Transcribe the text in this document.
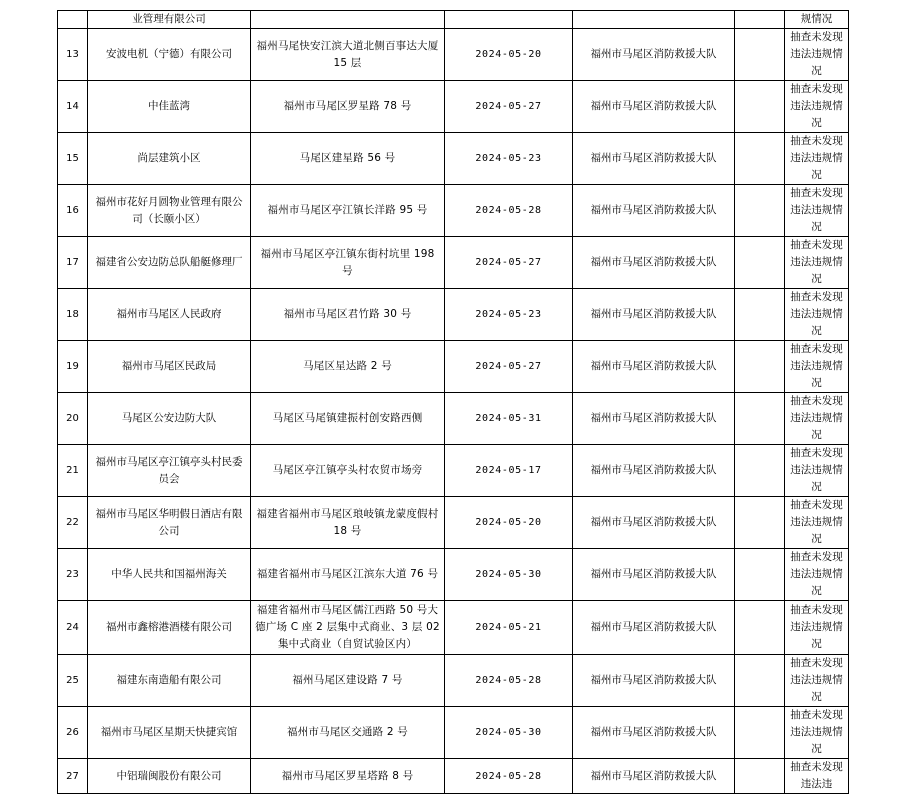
	业管理有限公司					规情况
13	安波电机（宁德）有限公司	福州马尾快安江滨大道北侧百事达大厦 15 层	2024-05-20	福州市马尾区消防救援大队		抽查未发现违法违规情况
14	中佳蓝湾	福州市马尾区罗星路 78 号	2024-05-27	福州市马尾区消防救援大队		抽查未发现违法违规情况
15	尚层建筑小区	马尾区建星路 56 号	2024-05-23	福州市马尾区消防救援大队		抽查未发现违法违规情况
16	福州市花好月圆物业管理有限公司（长颐小区）	福州市马尾区亭江镇长洋路 95 号	2024-05-28	福州市马尾区消防救援大队		抽查未发现违法违规情况
17	福建省公安边防总队船艇修理厂	福州市马尾区亭江镇东街村坑里 198 号	2024-05-27	福州市马尾区消防救援大队		抽查未发现违法违规情况
18	福州市马尾区人民政府	福州市马尾区君竹路 30 号	2024-05-23	福州市马尾区消防救援大队		抽查未发现违法违规情况
19	福州市马尾区民政局	马尾区星达路 2 号	2024-05-27	福州市马尾区消防救援大队		抽查未发现违法违规情况
20	马尾区公安边防大队	马尾区马尾镇建振村创安路西侧	2024-05-31	福州市马尾区消防救援大队		抽查未发现违法违规情况
21	福州市马尾区亭江镇亭头村民委员会	马尾区亭江镇亭头村农贸市场旁	2024-05-17	福州市马尾区消防救援大队		抽查未发现违法违规情况
22	福州市马尾区华明假日酒店有限公司	福建省福州市马尾区琅岐镇龙蒙度假村 18 号	2024-05-20	福州市马尾区消防救援大队		抽查未发现违法违规情况
23	中华人民共和国福州海关	福建省福州市马尾区江滨东大道 76 号	2024-05-30	福州市马尾区消防救援大队		抽查未发现违法违规情况
24	福州市鑫榕港酒楼有限公司	福建省福州市马尾区儒江西路 50 号大德广场 C 座 2 层集中式商业、3 层 02 集中式商业（自贸试验区内）	2024-05-21	福州市马尾区消防救援大队		抽查未发现违法违规情况
25	福建东南造船有限公司	福州马尾区建设路 7 号	2024-05-28	福州市马尾区消防救援大队		抽查未发现违法违规情况
26	福州市马尾区星期天快捷宾馆	福州市马尾区交通路 2 号	2024-05-30	福州市马尾区消防救援大队		抽查未发现违法违规情况
27	中铝瑞闽股份有限公司	福州市马尾区罗星塔路 8 号	2024-05-28	福州市马尾区消防救援大队		抽查未发现违法违
